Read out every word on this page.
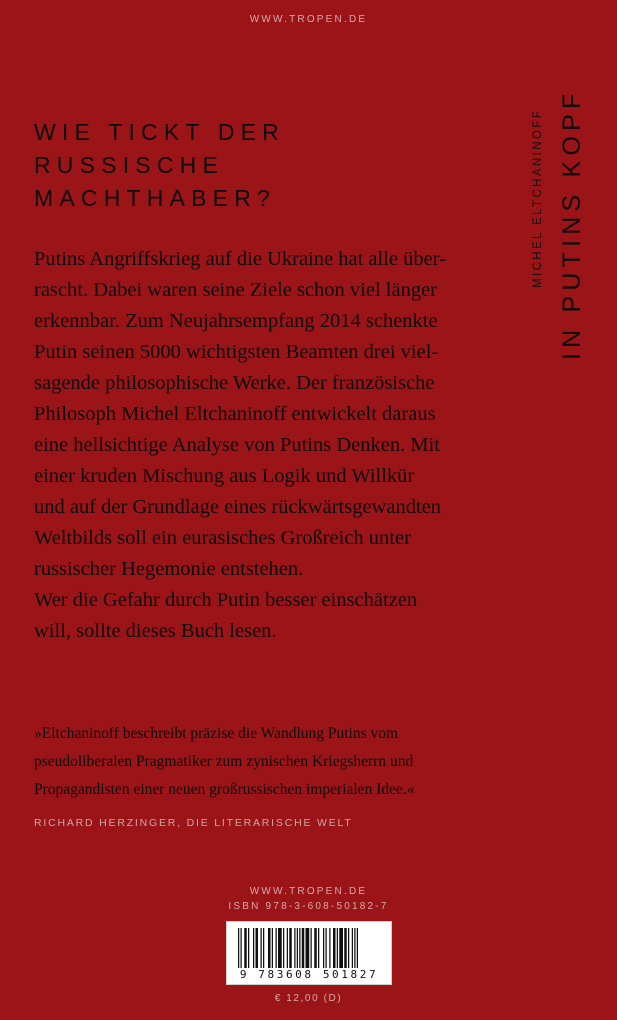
WWW.TROPEN.DE
MICHEL ELTCHANINOFF IN PUTINS KOPF
WIE TICKT DER
RUSSISCHE
MACHTHABER?
Putins Angriffskrieg auf die Ukraine hat alle über-
rascht. Dabei waren seine Ziele schon viel länger
erkennbar. Zum Neujahrsempfang 2014 schenkte
Putin seinen 5000 wichtigsten Beamten drei viel-
sagende philosophische Werke. Der französische
Philosoph Michel Eltchaninoff entwickelt daraus
eine hellsichtige Analyse von Putins Denken. Mit
einer kruden Mischung aus Logik und Willkür
und auf der Grundlage eines rückwärtsgewandten
Weltbilds soll ein eurasisches Großreich unter
russischer Hegemonie entstehen.
Wer die Gefahr durch Putin besser einschätzen
will, sollte dieses Buch lesen.
»Eltchaninoff beschreibt präzise die Wandlung Putins vom
pseudoliberalen Pragmatiker zum zynischen Kriegsherrn und
Propagandisten einer neuen großrussischen imperialen Idee.«
RICHARD HERZINGER, DIE LITERARISCHE WELT
WWW.TROPEN.DE
ISBN 978-3-608-50182-7
9 783608 501827
€ 12,00 (D)
